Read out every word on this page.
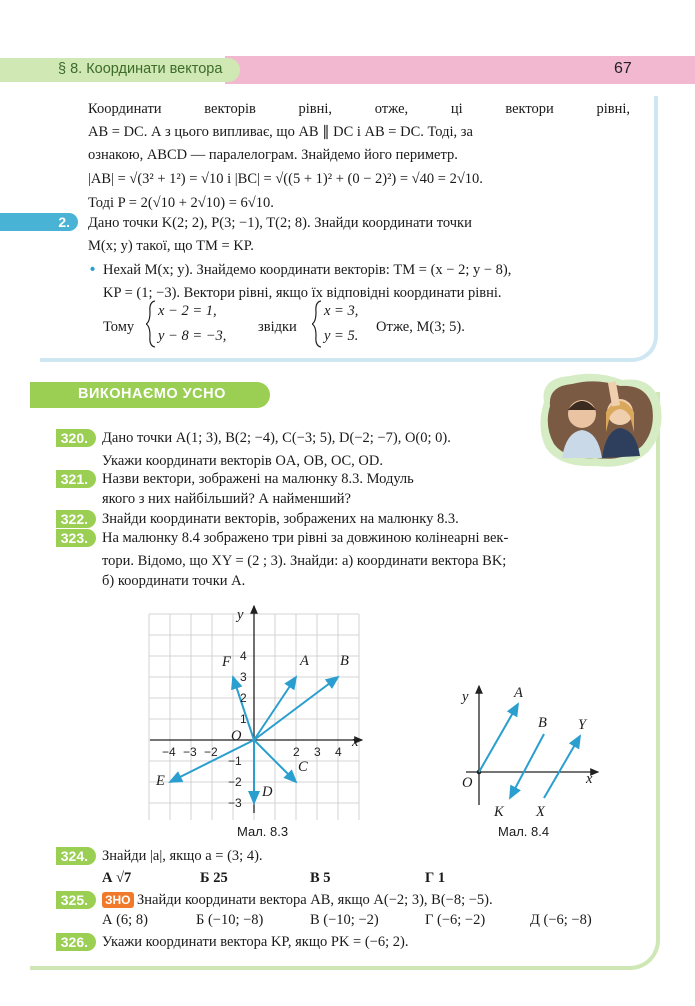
§ 8. Координати вектора	67
Координати векторів рівні, отже, ці вектори рівні,
AB = DC. А з цього випливає, що AB ∥ DC і AB = DC. Тоді, за
ознакою, ABCD — паралелограм. Знайдемо його периметр.
|AB| = √(3² + 1²) = √10 і |BC| = √((5 + 1)² + (0 − 2)²) = √40 = 2√10.
Тоді P = 2(√10 + 2√10) = 6√10.
2.	Дано точки K(2; 2), P(3; −1), T(2; 8). Знайди координати точки
M(x; y) такої, що TM = KP.
• Нехай M(x; y). Знайдемо координати векторів: TM = (x − 2; y − 8),
KP = (1; −3). Вектори рівні, якщо їх відповідні координати рівні.
Тому
x − 2 = 1,
y − 8 = −3,
звідки
x = 3,
y = 5.
Отже, M(3; 5).
ВИКОНАЄМО УСНО
320. Дано точки A(1; 3), B(2; −4), C(−3; 5), D(−2; −7), O(0; 0).
Укажи координати векторів OA, OB, OC, OD.
321. Назви вектори, зображені на малюнку 8.3. Модуль
якого з них найбільший? А найменший?
322. Знайди координати векторів, зображених на малюнку 8.3.
323. На малюнку 8.4 зображено три рівні за довжиною колінеарні век-
тори. Відомо, що XY = (2 ; 3). Знайди: а) координати вектора BK;
б) координати точки A.
−4 −3 −2	2 3 4
4
3
2
1
−1
−2
−3
x
y
O
A B
F
C
D
E
Мал. 8.3
x
y
O
A
B Y
K X
Мал. 8.4
324. Знайди |a|, якщо a = (3; 4).
А √7	Б 25	В 5	Г 1
325.	ЗНО Знайди координати вектора AB, якщо A(−2; 3), B(−8; −5).
А (6; 8)	Б (−10; −8)	В (−10; −2)	Г (−6; −2)	Д (−6; −8)
326. Укажи координати вектора KP, якщо PK = (−6; 2).
